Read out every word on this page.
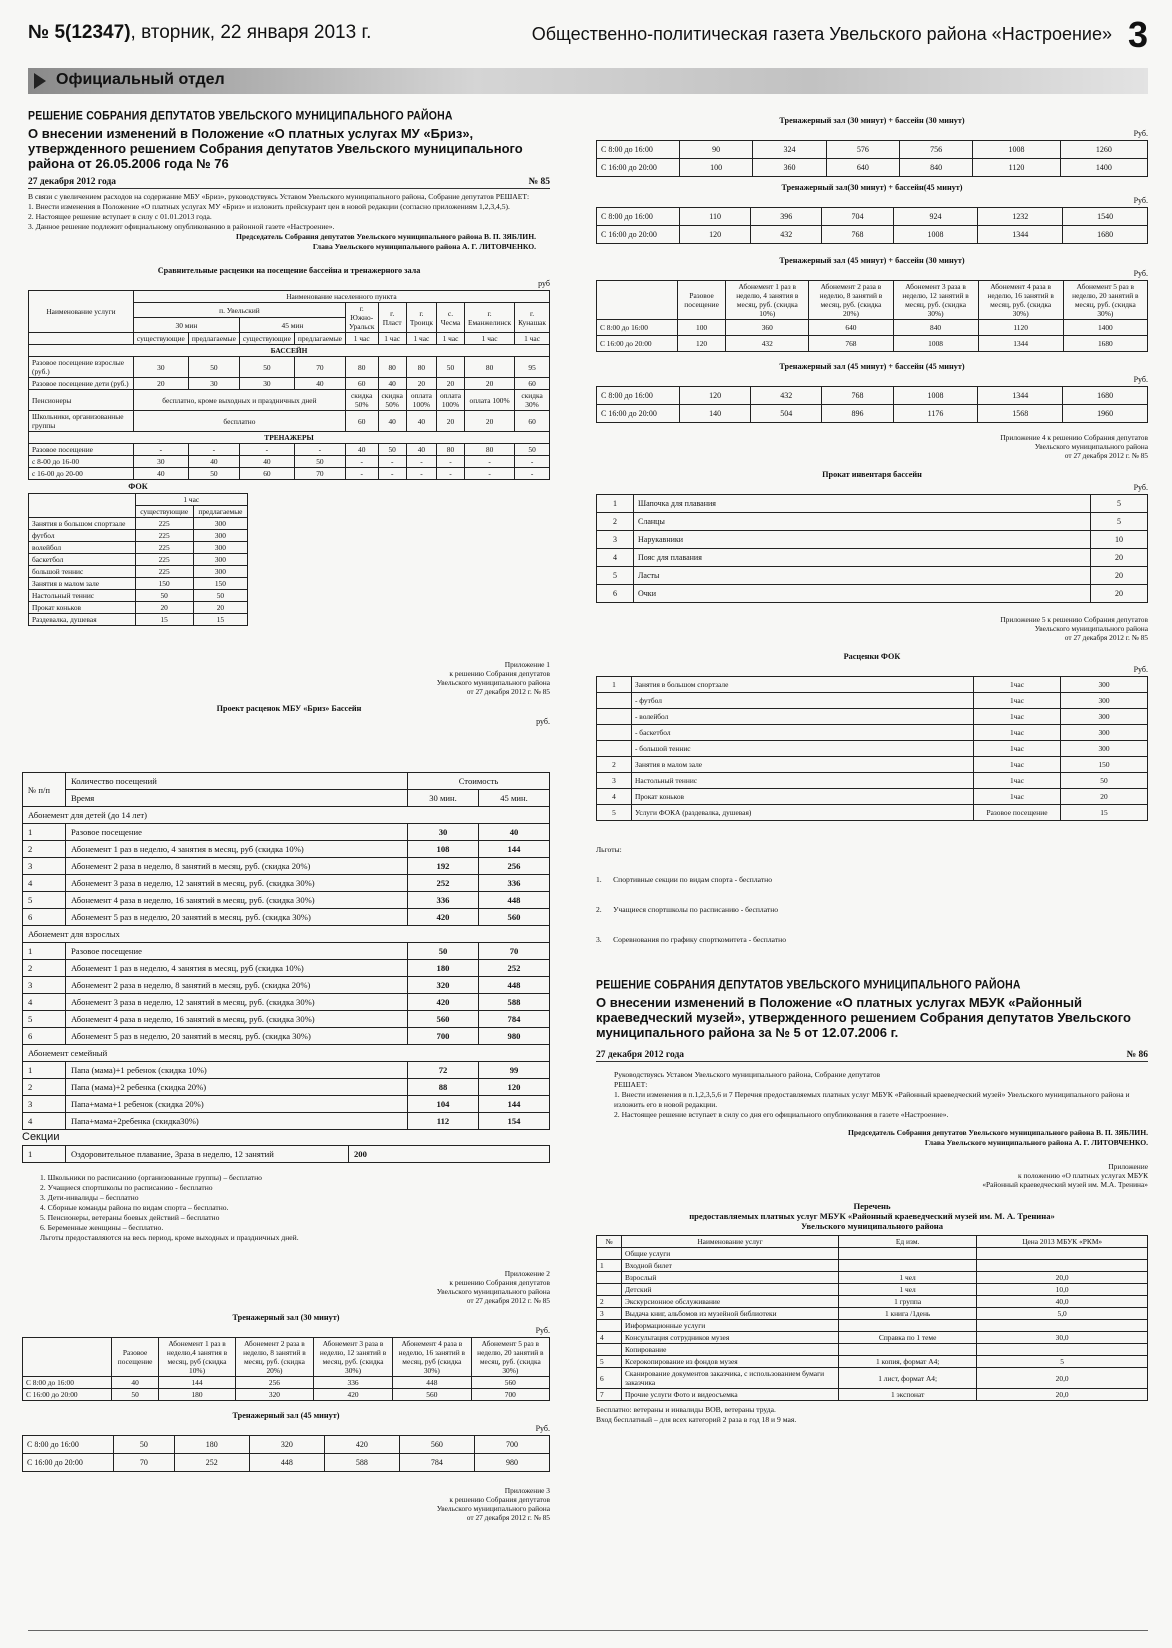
№ 5(12347), вторник, 22 января 2013 г.	Общественно-политическая газета Увельского района «Настроение» 3
Официальный отдел
РЕШЕНИЕ СОБРАНИЯ ДЕПУТАТОВ УВЕЛЬСКОГО МУНИЦИПАЛЬНОГО РАЙОНА
О внесении изменений в Положение «О платных услугах МУ «Бриз», утвержденного решением Собрания депутатов Увельского муниципального района от 26.05.2006 года № 76
27 декабря 2012 года	№ 85
В связи с увеличением расходов на содержание МБУ «Бриз», руководствуясь Уставом Увельского муниципального района, Собрание депутатов РЕШАЕТ:
1. Внести изменения в Положение «О платных услугах МУ «Бриз» и изложить прейскурант цен в новой редакции (согласно приложениям 1,2,3,4,5).
2. Настоящее решение вступает в силу с 01.01.2013 года.
3. Данное решение подлежит официальному опубликованию в районной газете «Настроение».
Председатель Собрания депутатов Увельского муниципального района В. П. ЗЯБЛИН.
Глава Увельского муниципального района А. Г. ЛИТОВЧЕНКО.
Сравнительные расценки на посещение бассейна и тренажерного зала
руб
Наименование услуги	Наименование населенного пункта									
	п. Увельский				г. Южно-Уральск	г. Пласт	г. Троицк	с. Чесма	г. Еманжелинск	г. Кунашак
	30 мин		45 мин							
	существующие	предлагаемые	существующие	предлагаемые	1 час	1 час	1 час	1 час	1 час	1 час
БАССЕЙН										
Разовое посещение взрослые (руб.)	30	50	50	70	80	80	80	50	80	95
Разовое посещение дети (руб.)	20	30	30	40	60	40	20	20	20	60
Пенсионеры	бесплатно, кроме выходных и праздничных дней				скидка 50%	скидка 50%	оплата 100%	оплата 100%	оплата 100%	скидка 30%
Школьники, организованные группы	бесплатно				60	40	40	20	20	60
ТРЕНАЖЕРЫ										
Разовое посещение	-	-	-	-	40	50	40	80	80	50
с 8-00 до 16-00	30	40	40	50	-	-	-	-	-	-
с 16-00 до 20-00	40	50	60	70	-	-	-	-	-	-
ФОК
	1 час	
	существующие	предлагаемые
Занятия в большом спортзале	225	300
футбол	225	300
волейбол	225	300
баскетбол	225	300
большой теннис	225	300
Занятия в малом зале	150	150
Настольный теннис	50	50
Прокат коньков	20	20
Раздевалка, душевая	15	15
Приложение 1
к решению Собрания депутатов
Увельского муниципального района
от 27 декабря 2012 г. № 85
Проект расценок МБУ «Бриз» Бассейн
руб.
№ п/п	Количество посещений	Стоимость	
	Время	30 мин.	45 мин.
Абонемент для детей (до 14 лет)			
1	Разовое посещение	30	40
2	Абонемент 1 раз в неделю, 4 занятия в месяц, руб (скидка 10%)	108	144
3	Абонемент 2 раза в неделю, 8 занятий в месяц, руб. (скидка 20%)	192	256
4	Абонемент 3 раза в неделю, 12 занятий в месяц, руб. (скидка 30%)	252	336
5	Абонемент 4 раза в неделю, 16 занятий в месяц, руб. (скидка 30%)	336	448
6	Абонемент 5 раз в неделю, 20 занятий в месяц, руб. (скидка 30%)	420	560
Абонемент для взрослых			
1	Разовое посещение	50	70
2	Абонемент 1 раз в неделю, 4 занятия в месяц, руб (скидка 10%)	180	252
3	Абонемент 2 раза в неделю, 8 занятий в месяц, руб. (скидка 20%)	320	448
4	Абонемент 3 раза в неделю, 12 занятий в месяц, руб. (скидка 30%)	420	588
5	Абонемент 4 раза в неделю, 16 занятий в месяц, руб. (скидка 30%)	560	784
6	Абонемент 5 раз в неделю, 20 занятий в месяц, руб. (скидка 30%)	700	980
Абонемент семейный			
1	Папа (мама)+1 ребенок (скидка 10%)	72	99
2	Папа (мама)+2 ребенка (скидка 20%)	88	120
3	Папа+мама+1 ребенок (скидка 20%)	104	144
4	Папа+мама+2ребенка (скидка30%)	112	154
Секции
1	Оздоровительное плавание, 3раза в неделю, 12 занятий	200
1. Школьники по расписанию (организованные группы) – бесплатно
2. Учащиеся спортшколы по расписанию - бесплатно
3. Дети-инвалиды – бесплатно
4. Сборные команды района по видам спорта – бесплатно.
5. Пенсионеры, ветераны боевых действий – бесплатно
6. Беременные женщины – бесплатно.
Льготы предоставляются на весь период, кроме выходных и праздничных дней.
Приложение 2
к решению Собрания депутатов
Увельского муниципального района
от 27 декабря 2012 г. № 85
Тренажерный зал (30 минут)
Руб.
	Разовое посещение	Абонемент 1 раз в неделю,4 занятия в месяц, руб (скидка 10%)	Абонемент 2 раза в неделю, 8 занятий в месяц, руб. (скидка 20%)	Абонемент 3 раза в неделю, 12 занятий в месяц, руб. (скидка 30%)	Абонемент 4 раза в неделю, 16 занятий в месяц, руб (скидка 30%)	Абонемент 5 раз в неделю, 20 занятий в месяц, руб. (скидка 30%)
С 8:00 до 16:00	40	144	256	336	448	560
С 16:00 до 20:00	50	180	320	420	560	700
Тренажерный зал (45 минут)
Руб.
С 8:00 до 16:00	50	180	320	420	560	700
С 16:00 до 20:00	70	252	448	588	784	980
Приложение 3
к решению Собрания депутатов
Увельского муниципального района
от 27 декабря 2012 г. № 85
Тренажерный зал (30 минут) + бассейн (30 минут)
Руб.
С 8:00 до 16:00	90	324	576	756	1008	1260
С 16:00 до 20:00	100	360	640	840	1120	1400
Тренажерный зал(30 минут) + бассейн(45 минут)
Руб.
С 8:00 до 16:00	110	396	704	924	1232	1540
С 16:00 до 20:00	120	432	768	1008	1344	1680
Тренажерный зал (45 минут) + бассейн (30 минут)
Руб.
	Разовое посещение	Абонемент 1 раз в неделю, 4 занятия в месяц, руб. (скидка 10%)	Абонемент 2 раза в неделю, 8 занятий в месяц, руб. (скидка 20%)	Абонемент 3 раза в неделю, 12 занятий в месяц, руб. (скидка 30%)	Абонемент 4 раза в неделю, 16 занятий в месяц, руб. (скидка 30%)	Абонемент 5 раз в неделю, 20 занятий в месяц, руб. (скидка 30%)
С 8:00 до 16:00	100	360	640	840	1120	1400
С 16:00 до 20:00	120	432	768	1008	1344	1680
Тренажерный зал (45 минут) + бассейн (45 минут)
Руб.
С 8:00 до 16:00	120	432	768	1008	1344	1680
С 16:00 до 20:00	140	504	896	1176	1568	1960
Приложение 4 к решению Собрания депутатов
Увельского муниципального района
от 27 декабря 2012 г. № 85
Прокат инвентаря бассейн
Руб.
1	Шапочка для плавания	5
2	Сланцы	5
3	Нарукавники	10
4	Пояс для плавания	20
5	Ласты	20
6	Очки	20
Приложение 5 к решению Собрания депутатов
Увельского муниципального района
от 27 декабря 2012 г. № 85
Расценки ФОК
Руб.
1	Занятия в большом спортзале	1час	300
	- футбол	1час	300
	- волейбол	1час	300
	- баскетбол	1час	300
	- большой теннис	1час	300
2	Занятия в малом зале	1час	150
3	Настольный теннис	1час	50
4	Прокат коньков	1час	20
5	Услуги ФОКА (раздевалка, душевая)	Разовое посещение	15

Льготы:

1.      Спортивные секции по видам спорта - бесплатно

2.      Учащиеся спортшколы по расписанию - бесплатно

3.      Соревнования по графику спорткомитета - бесплатно

РЕШЕНИЕ СОБРАНИЯ ДЕПУТАТОВ УВЕЛЬСКОГО МУНИЦИПАЛЬНОГО РАЙОНА
О внесении изменений в Положение «О платных услугах МБУК «Районный краеведческий музей», утвержденного решением Собрания депутатов Увельского муниципального района за № 5 от 12.07.2006 г.
27 декабря 2012 года	№ 86
Руководствуясь Уставом Увельского муниципального района, Собрание депутатов
РЕШАЕТ:
1. Внести изменения в п.1,2,3,5,6 и 7 Перечня предоставляемых платных услуг МБУК «Районный краеведческий музей» Увельского муниципального района и изложить его в новой редакции.
2. Настоящее решение вступает в силу со дня его официального опубликования в газете «Настроение».
Председатель Собрания депутатов Увельского муниципального района В. П. ЗЯБЛИН.
Глава Увельского муниципального района А. Г. ЛИТОВЧЕНКО.
Приложение
к положению «О платных услугах МБУК
«Районный краеведческий музей им. М.А. Тренина»
Перечень
предоставляемых платных услуг МБУК «Районный краеведческий музей им. М. А. Тренина»
Увельского муниципального района
№	Наименование услуг	Ед изм.	Цена 2013 МБУК «РКМ»
	Общие услуги		
1	Входной билет		
	Взрослый	1 чел	20,0
	Детский	1 чел	10,0
2	Экскурсионное обслуживание	1 группа	40,0
3	Выдача книг, альбомов из музейной библиотеки	1 книга /1день	5,0
	Информационные услуги		
4	Консультация сотрудников музея	Справка по 1 теме	30,0
	Копирование		
5	Ксерокопирование из фондов музея	1 копия, формат А4;	5
6	Сканирование документов заказчика, с использованием бумаги заказчика	1 лист, формат А4;	20,0
7	Прочие услуги Фото и видеосъемка	1 экспонат	20,0
Бесплатно: ветераны и инвалиды ВОВ, ветераны труда.
Вход бесплатный – для всех категорий 2 раза в год 18 и 9 мая.
